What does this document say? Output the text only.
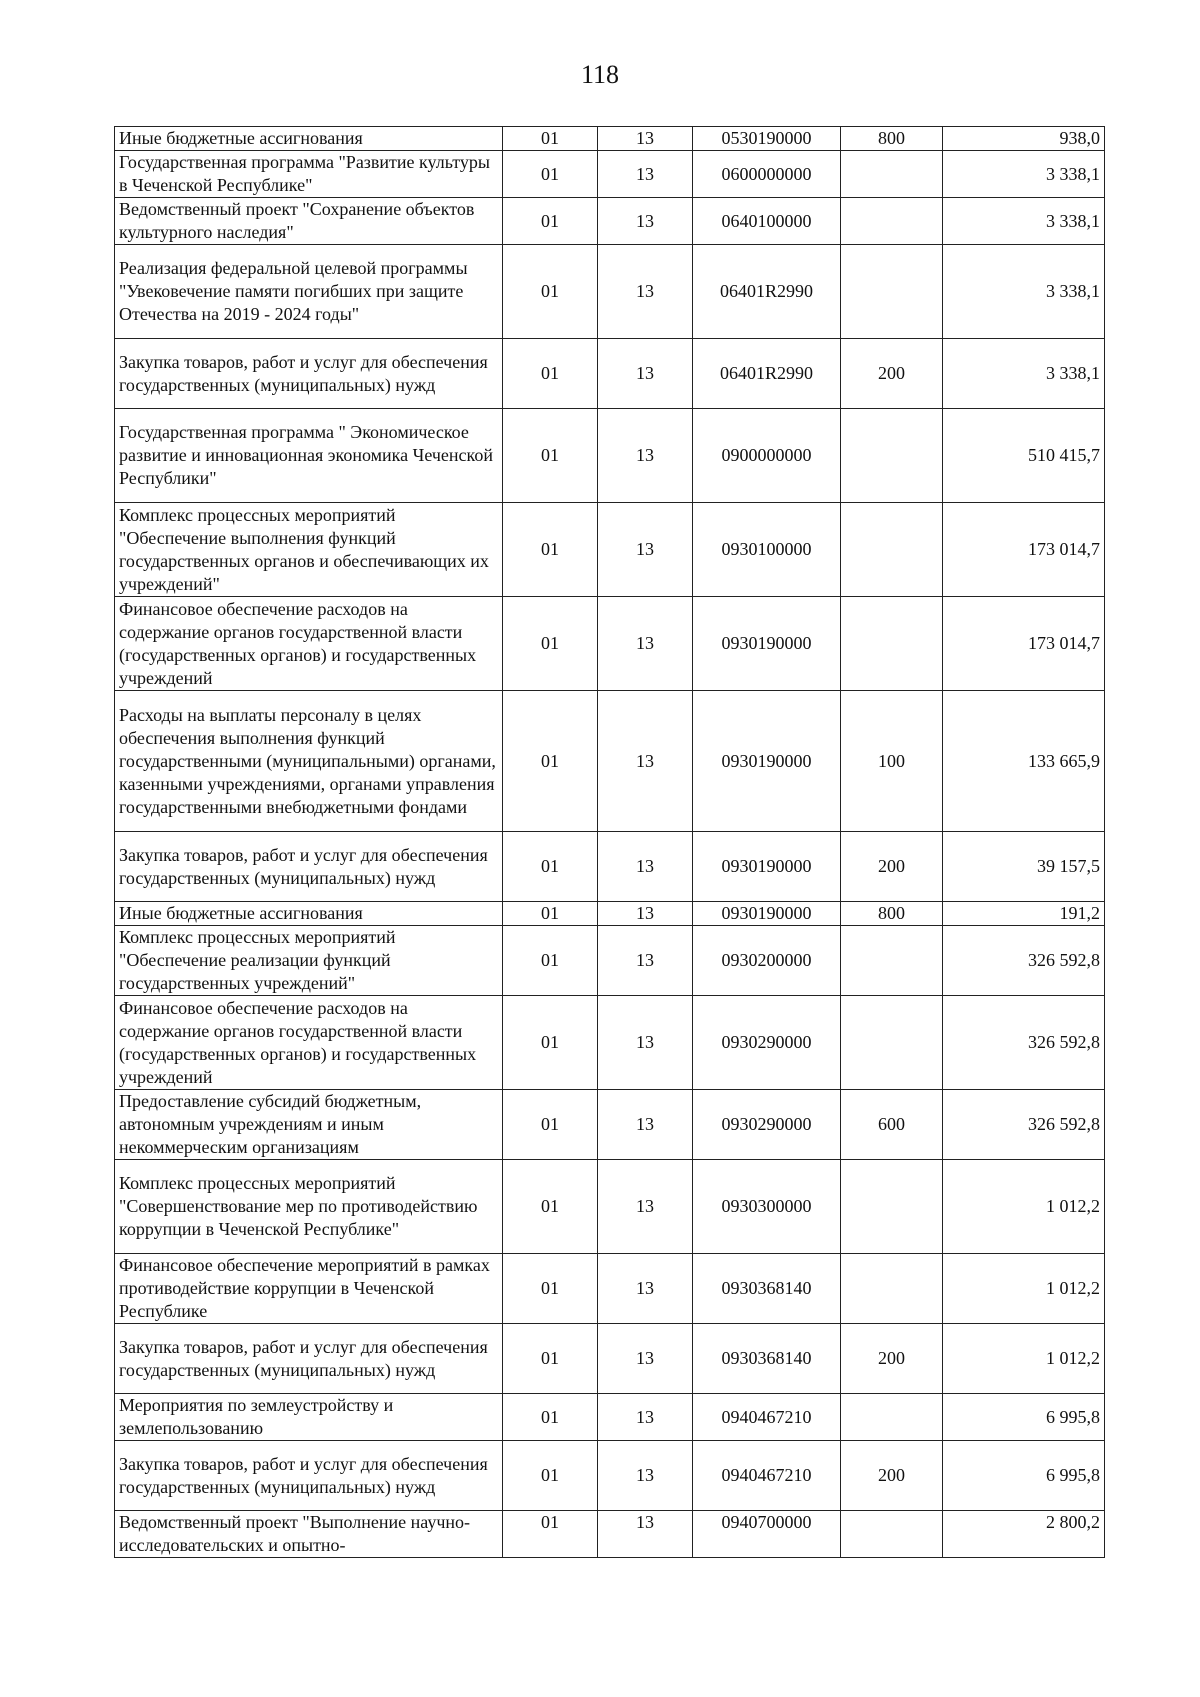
118
Иные бюджетные ассигнования	01	13	0530190000	800	938,0
Государственная программа "Развитие культуры в Чеченской Республике"	01	13	0600000000		3 338,1
Ведомственный проект "Сохранение объектов культурного наследия"	01	13	0640100000		3 338,1
Реализация федеральной целевой программы "Увековечение памяти погибших при защите Отечества на 2019 - 2024 годы"	01	13	06401R2990		3 338,1
Закупка товаров, работ и услуг для обеспечения государственных (муниципальных) нужд	01	13	06401R2990	200	3 338,1
Государственная программа " Экономическое развитие и инновационная экономика Чеченской Республики"	01	13	0900000000		510 415,7
Комплекс процессных мероприятий "Обеспечение выполнения функций государственных органов и обеспечивающих их учреждений"	01	13	0930100000		173 014,7
Финансовое обеспечение расходов на содержание органов государственной власти (государственных органов) и государственных учреждений	01	13	0930190000		173 014,7
Расходы на выплаты персоналу в целях обеспечения выполнения функций государственными (муниципальными) органами, казенными учреждениями, органами управления государственными внебюджетными фондами	01	13	0930190000	100	133 665,9
Закупка товаров, работ и услуг для обеспечения государственных (муниципальных) нужд	01	13	0930190000	200	39 157,5
Иные бюджетные ассигнования	01	13	0930190000	800	191,2
Комплекс процессных мероприятий "Обеспечение реализации функций государственных учреждений"	01	13	0930200000		326 592,8
Финансовое обеспечение расходов на содержание органов государственной власти (государственных органов) и государственных учреждений	01	13	0930290000		326 592,8
Предоставление субсидий бюджетным, автономным учреждениям и иным некоммерческим организациям	01	13	0930290000	600	326 592,8
Комплекс процессных мероприятий "Совершенствование мер по противодействию коррупции в Чеченской Республике"	01	13	0930300000		1 012,2
Финансовое обеспечение мероприятий в рамках противодействие коррупции в Чеченской Республике	01	13	0930368140		1 012,2
Закупка товаров, работ и услуг для обеспечения государственных (муниципальных) нужд	01	13	0930368140	200	1 012,2
Мероприятия по землеустройству и землепользованию	01	13	0940467210		6 995,8
Закупка товаров, работ и услуг для обеспечения государственных (муниципальных) нужд	01	13	0940467210	200	6 995,8
Ведомственный проект "Выполнение научно-исследовательских и опытно-	01	13	0940700000		2 800,2
